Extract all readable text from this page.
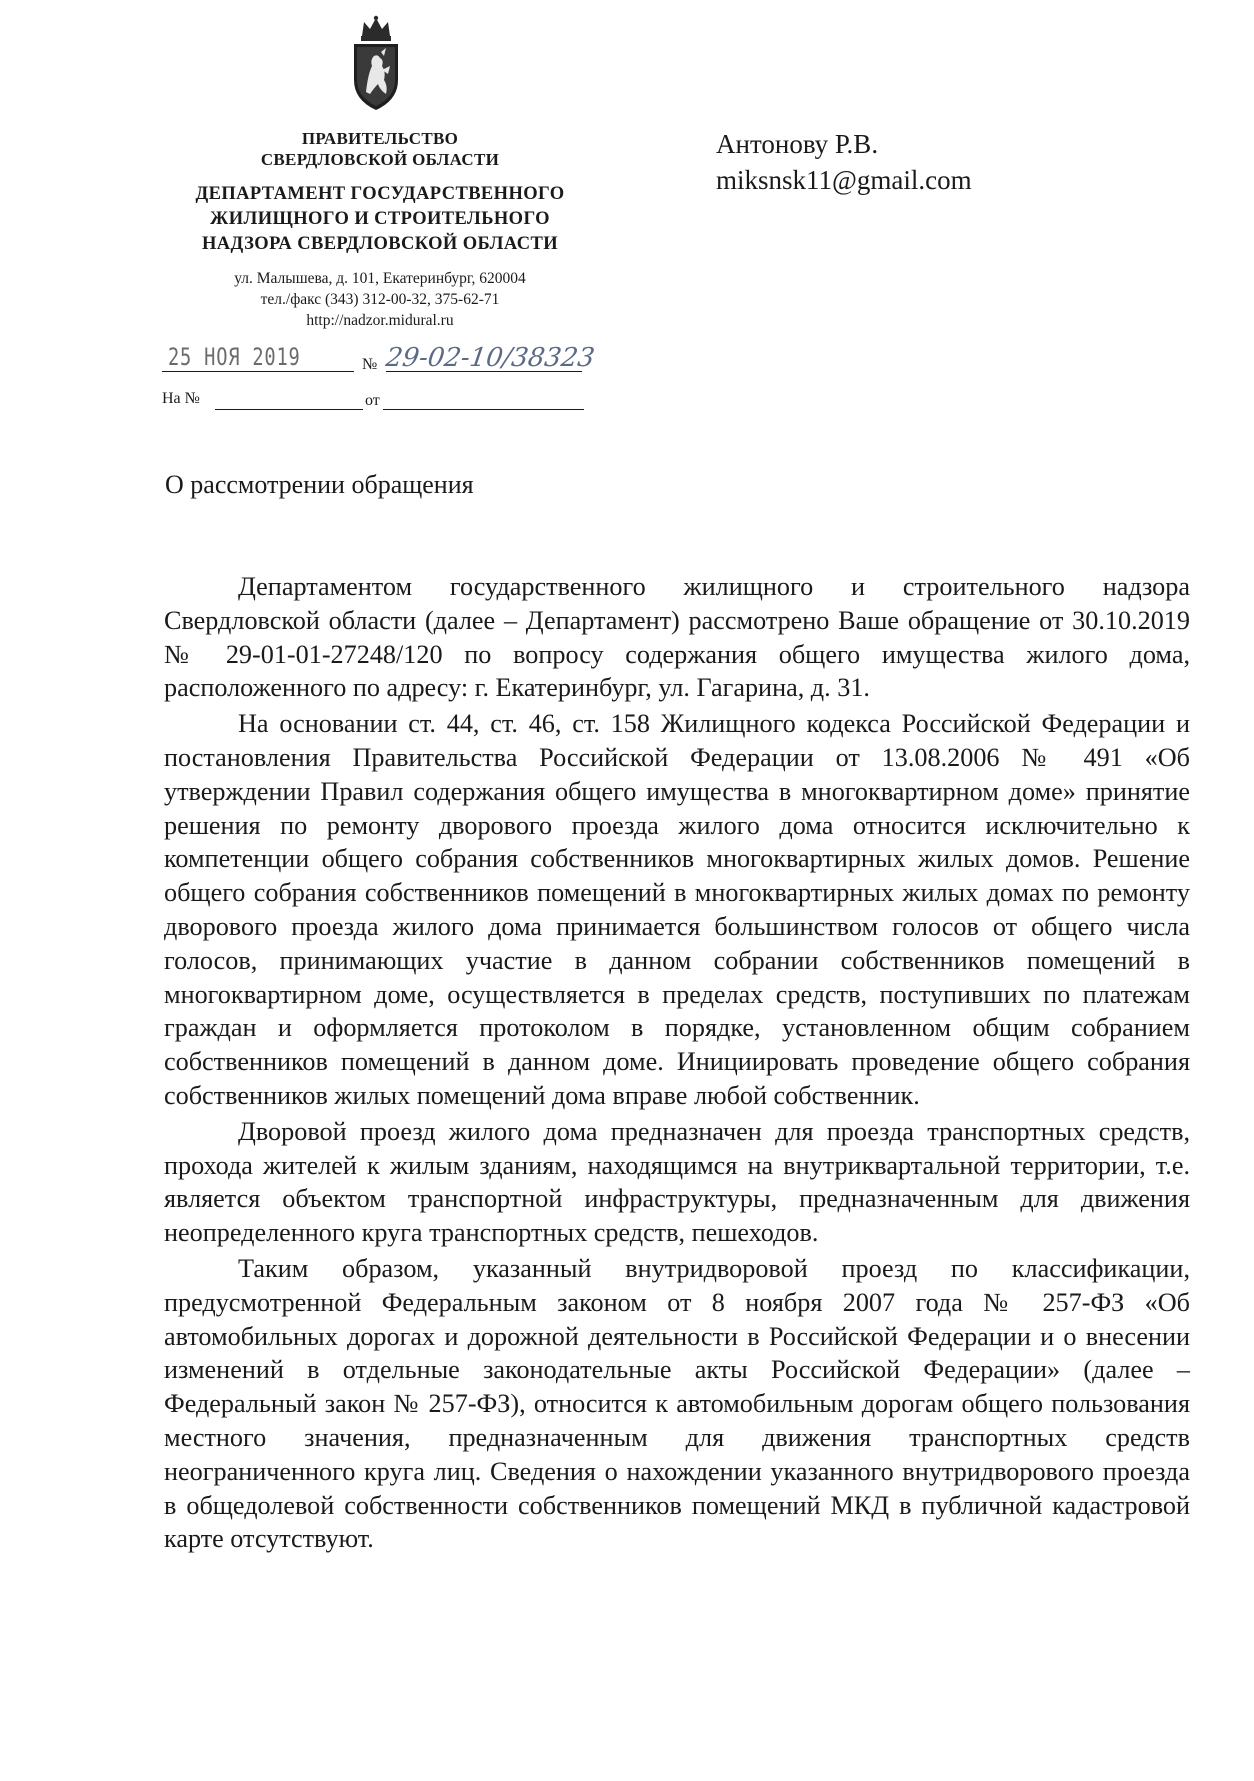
ПРАВИТЕЛЬСТВО
СВЕРДЛОВСКОЙ ОБЛАСТИ
ДЕПАРТАМЕНТ ГОСУДАРСТВЕННОГО
ЖИЛИЩНОГО И СТРОИТЕЛЬНОГО
НАДЗОРА СВЕРДЛОВСКОЙ ОБЛАСТИ
ул. Малышева, д. 101, Екатеринбург, 620004
тел./факс (343) 312-00-32, 375-62-71
http://nadzor.midural.ru
25 НОЯ 2019	№ 29-02-10/38323
На №	от
Антонову Р.В.
miksnsk11@gmail.com
О рассмотрении обращения

Департаментом государственного жилищного и строительного надзора Свердловской области (далее – Департамент) рассмотрено Ваше обращение от 30.10.2019 № 29-01-01-27248/120 по вопросу содержания общего имущества жилого дома, расположенного по адресу: г. Екатеринбург, ул. Гагарина, д. 31.

На основании ст. 44, ст. 46, ст. 158 Жилищного кодекса Российской Федерации и постановления Правительства Российской Федерации от 13.08.2006 № 491 «Об утверждении Правил содержания общего имущества в многоквартирном доме» принятие решения по ремонту дворового проезда жилого дома относится исключительно к компетенции общего собрания собственников многоквартирных жилых домов. Решение общего собрания собственников помещений в многоквартирных жилых домах по ремонту дворового проезда жилого дома принимается большинством голосов от общего числа голосов, принимающих участие в данном собрании собственников помещений в многоквартирном доме, осуществляется в пределах средств, поступивших по платежам граждан и оформляется протоколом в порядке, установленном общим собранием собственников помещений в данном доме. Инициировать проведение общего собрания собственников жилых помещений дома вправе любой собственник.

Дворовой проезд жилого дома предназначен для проезда транспортных средств, прохода жителей к жилым зданиям, находящимся на внутриквартальной территории, т.е. является объектом транспортной инфраструктуры, предназначенным для движения неопределенного круга транспортных средств, пешеходов.

Таким образом, указанный внутридворовой проезд по классификации, предусмотренной Федеральным законом от 8 ноября 2007 года № 257-ФЗ «Об автомобильных дорогах и дорожной деятельности в Российской Федерации и о внесении изменений в отдельные законодательные акты Российской Федерации» (далее – Федеральный закон № 257-ФЗ), относится к автомобильным дорогам общего пользования местного значения, предназначенным для движения транспортных средств неограниченного круга лиц. Сведения о нахождении указанного внутридворового проезда в общедолевой собственности собственников помещений МКД в публичной кадастровой карте отсутствуют.
